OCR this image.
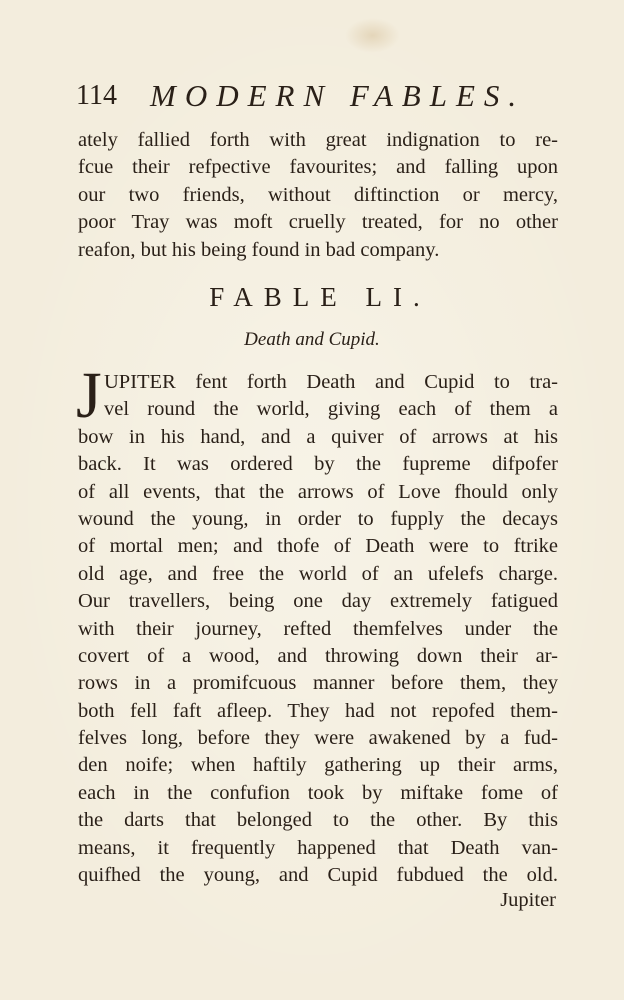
114 MODERN FABLES.
ately fallied forth with great indignation to re-
fcue their refpective favourites; and falling upon
our two friends, without diftinction or mercy,
poor Tray was moft cruelly treated, for no other
reafon, but his being found in bad company.
FABLE LI.
Death and Cupid.
J UPITER fent forth Death and Cupid to tra-
vel round the world, giving each of them a
bow in his hand, and a quiver of arrows at his
back. It was ordered by the fupreme difpofer
of all events, that the arrows of Love fhould only
wound the young, in order to fupply the decays
of mortal men; and thofe of Death were to ftrike
old age, and free the world of an ufelefs charge.
Our travellers, being one day extremely fatigued
with their journey, refted themfelves under the
covert of a wood, and throwing down their ar-
rows in a promifcuous manner before them, they
both fell faft afleep. They had not repofed them-
felves long, before they were awakened by a fud-
den noife; when haftily gathering up their arms,
each in the confufion took by miftake fome of
the darts that belonged to the other. By this
means, it frequently happened that Death van-
quifhed the young, and Cupid fubdued the old.
Jupiter
